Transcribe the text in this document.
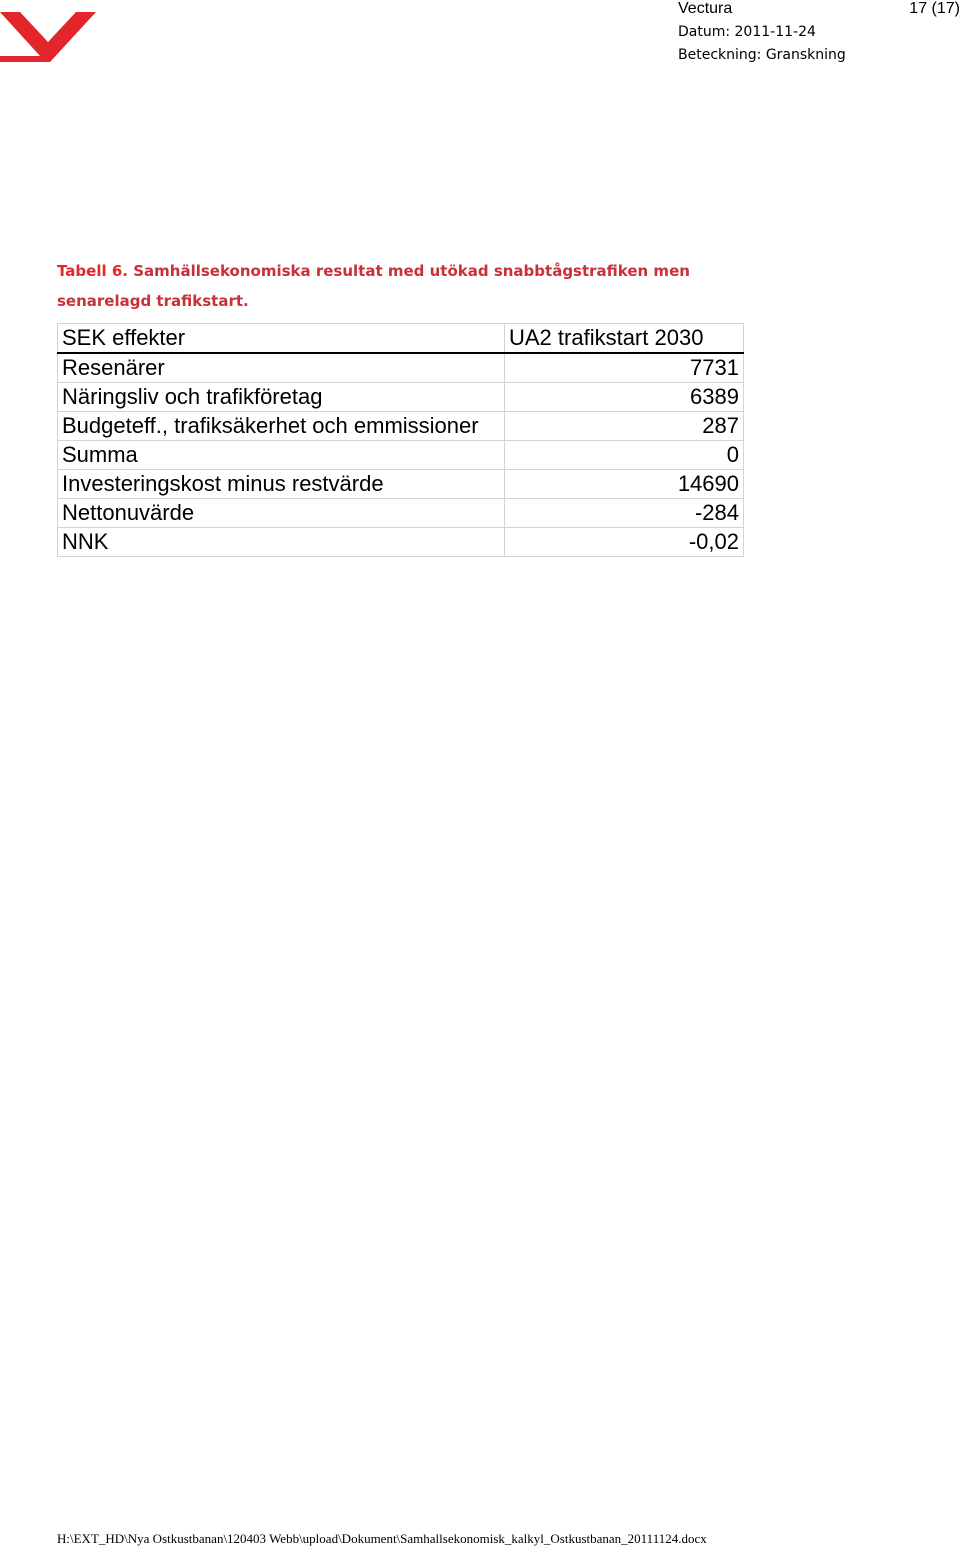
Vectura	17 (17)
Datum: 2011-11-24
Beteckning: Granskning
Tabell 6. Samhällsekonomiska resultat med utökad snabbtågstrafiken men senarelagd trafikstart.
SEK effekter	UA2 trafikstart 2030
Resenärer	7731
Näringsliv och trafikföretag	6389
Budgeteff., trafiksäkerhet och emmissioner	287
Summa	0
Investeringskost minus restvärde	14690
Nettonuvärde	-284
NNK	-0,02
H:\EXT_HD\Nya Ostkustbanan\120403 Webb\upload\Dokument\Samhallsekonomisk_kalkyl_Ostkustbanan_20111124.docx
